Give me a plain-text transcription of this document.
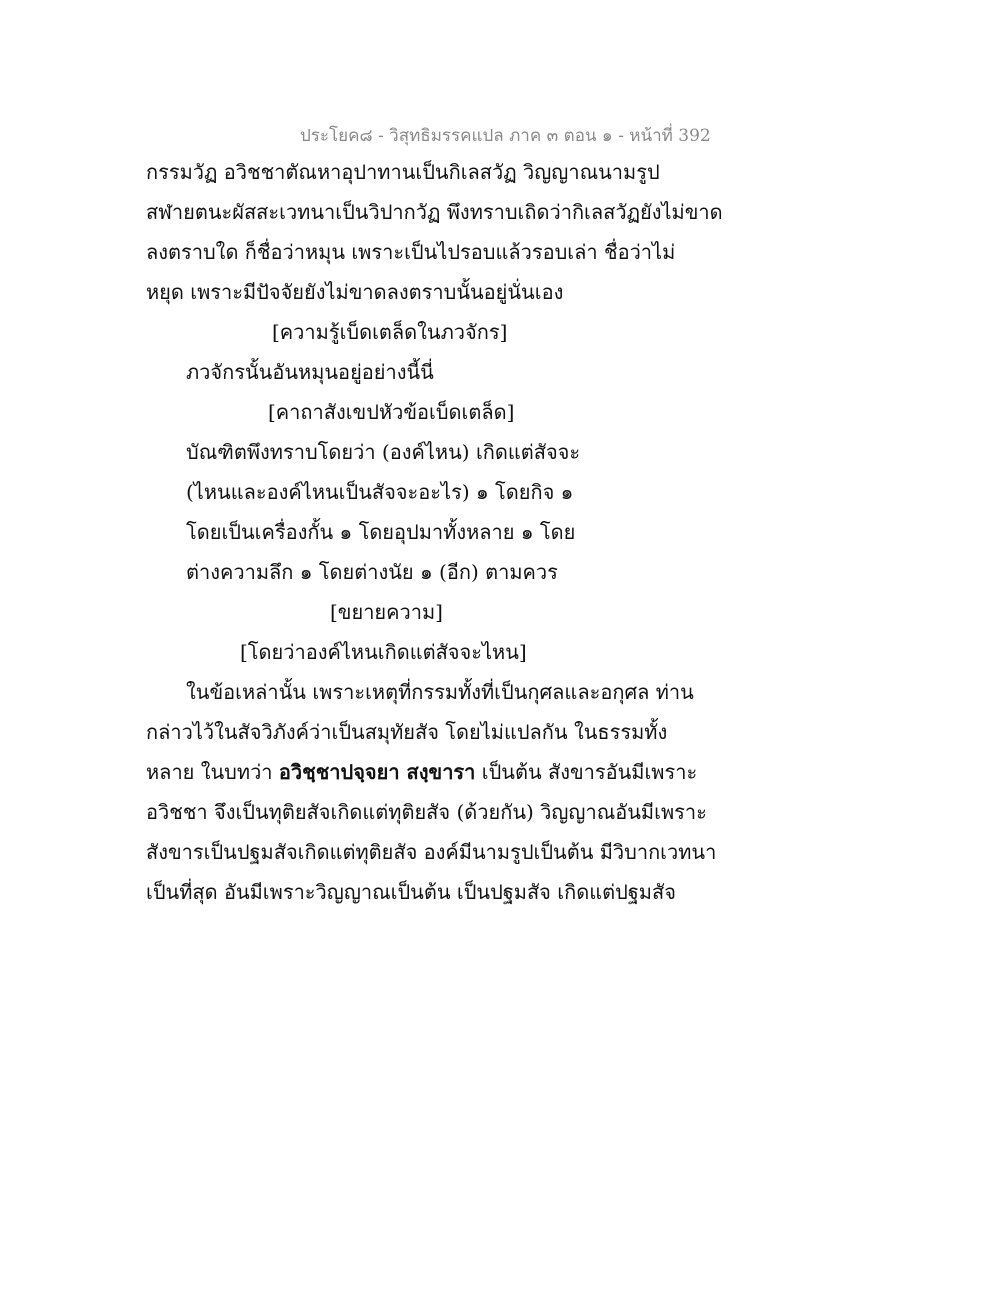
ประโยค๘ - วิสุทธิมรรคแปล ภาค ๓ ตอน ๑ - หน้าที่ 392
กรรมวัฏ อวิชชาตัณหาอุปาทานเป็นกิเลสวัฏ วิญญาณนามรูป
สฬายตนะผัสสะเวทนาเป็นวิปากวัฏ พึงทราบเถิดว่ากิเลสวัฏยังไม่ขาด
ลงตราบใด ก็ชื่อว่าหมุน เพราะเป็นไปรอบแล้วรอบเล่า ชื่อว่าไม่
หยุด เพราะมีปัจจัยยังไม่ขาดลงตราบนั้นอยู่นั่นเอง
[ความรู้เบ็ดเตล็ดในภวจักร]
ภวจักรนั้นอันหมุนอยู่อย่างนี้นี่
[คาถาสังเขปหัวข้อเบ็ดเตล็ด]
บัณฑิตพึงทราบโดยว่า (องค์ไหน) เกิดแต่สัจจะ
(ไหนและองค์ไหนเป็นสัจจะอะไร) ๑ โดยกิจ ๑
โดยเป็นเครื่องกั้น ๑ โดยอุปมาทั้งหลาย ๑ โดย
ต่างความลึก ๑ โดยต่างนัย ๑ (อีก) ตามควร
[ขยายความ]
[โดยว่าองค์ไหนเกิดแต่สัจจะไหน]
ในข้อเหล่านั้น เพราะเหตุที่กรรมทั้งที่เป็นกุศลและอกุศล ท่าน
กล่าวไว้ในสัจวิภังค์ว่าเป็นสมุทัยสัจ โดยไม่แปลกัน ในธรรมทั้ง
หลาย ในบทว่า อวิชฺชาปจฺจยา สงฺขารา เป็นต้น สังขารอันมีเพราะ
อวิชชา จึงเป็นทุติยสัจเกิดแต่ทุติยสัจ (ด้วยกัน) วิญญาณอันมีเพราะ
สังขารเป็นปฐมสัจเกิดแต่ทุติยสัจ องค์มีนามรูปเป็นต้น มีวิบากเวทนา
เป็นที่สุด อันมีเพราะวิญญาณเป็นต้น เป็นปฐมสัจ เกิดแต่ปฐมสัจ
